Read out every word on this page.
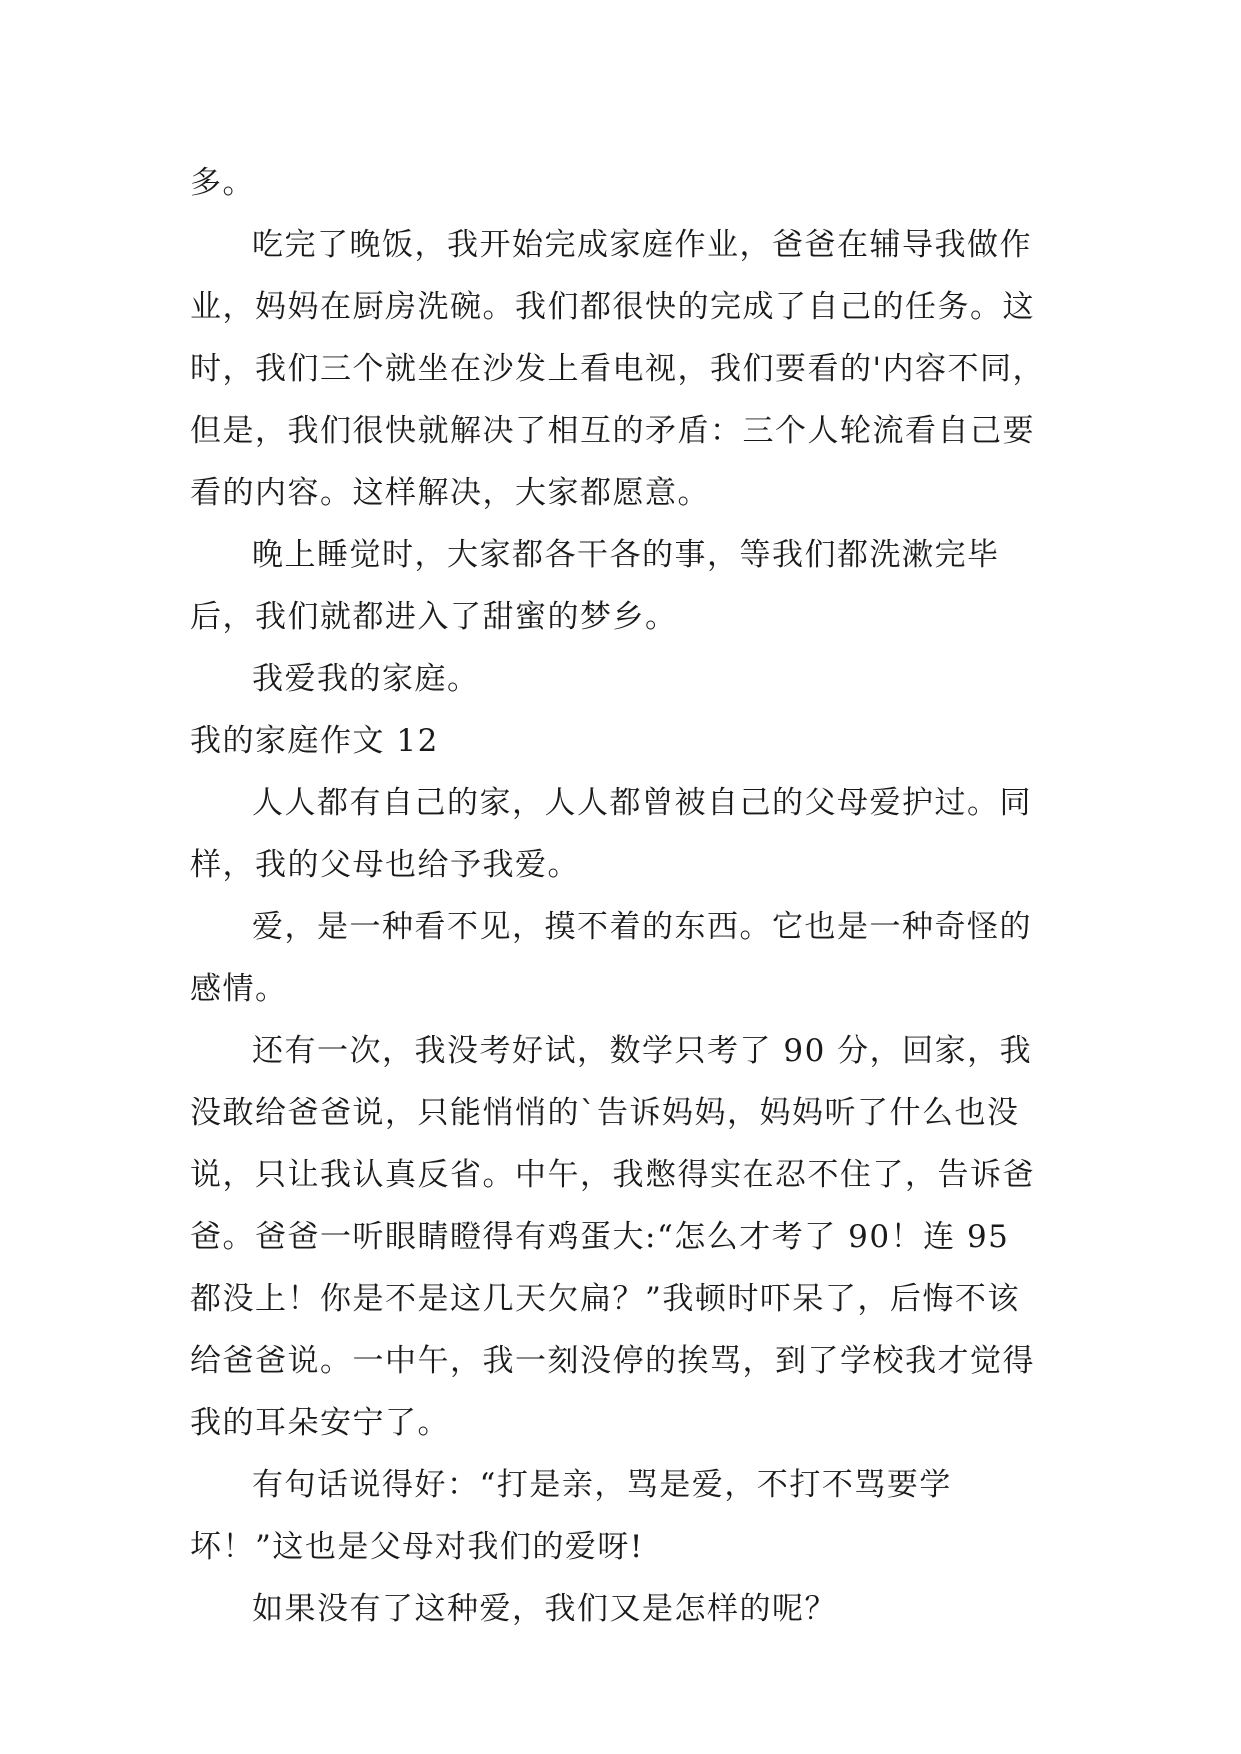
多。

吃完了晚饭，我开始完成家庭作业，爸爸在辅导我做作业，妈妈在厨房洗碗。我们都很快的完成了自己的任务。这时，我们三个就坐在沙发上看电视，我们要看的'内容不同，但是，我们很快就解决了相互的矛盾：三个人轮流看自己要看的内容。这样解决，大家都愿意。

晚上睡觉时，大家都各干各的事，等我们都洗漱完毕后，我们就都进入了甜蜜的梦乡。

我爱我的家庭。

我的家庭作文 12

人人都有自己的家，人人都曾被自己的父母爱护过。同样，我的父母也给予我爱。

爱，是一种看不见，摸不着的东西。它也是一种奇怪的感情。

还有一次，我没考好试，数学只考了 90 分，回家，我没敢给爸爸说，只能悄悄的`告诉妈妈，妈妈听了什么也没说，只让我认真反省。中午，我憋得实在忍不住了，告诉爸爸。爸爸一听眼睛瞪得有鸡蛋大:“怎么才考了 90！连 95 都没上！你是不是这几天欠扁？”我顿时吓呆了，后悔不该给爸爸说。一中午，我一刻没停的挨骂，到了学校我才觉得我的耳朵安宁了。

有句话说得好：“打是亲，骂是爱，不打不骂要学坏！”这也是父母对我们的爱呀!

如果没有了这种爱，我们又是怎样的呢？
